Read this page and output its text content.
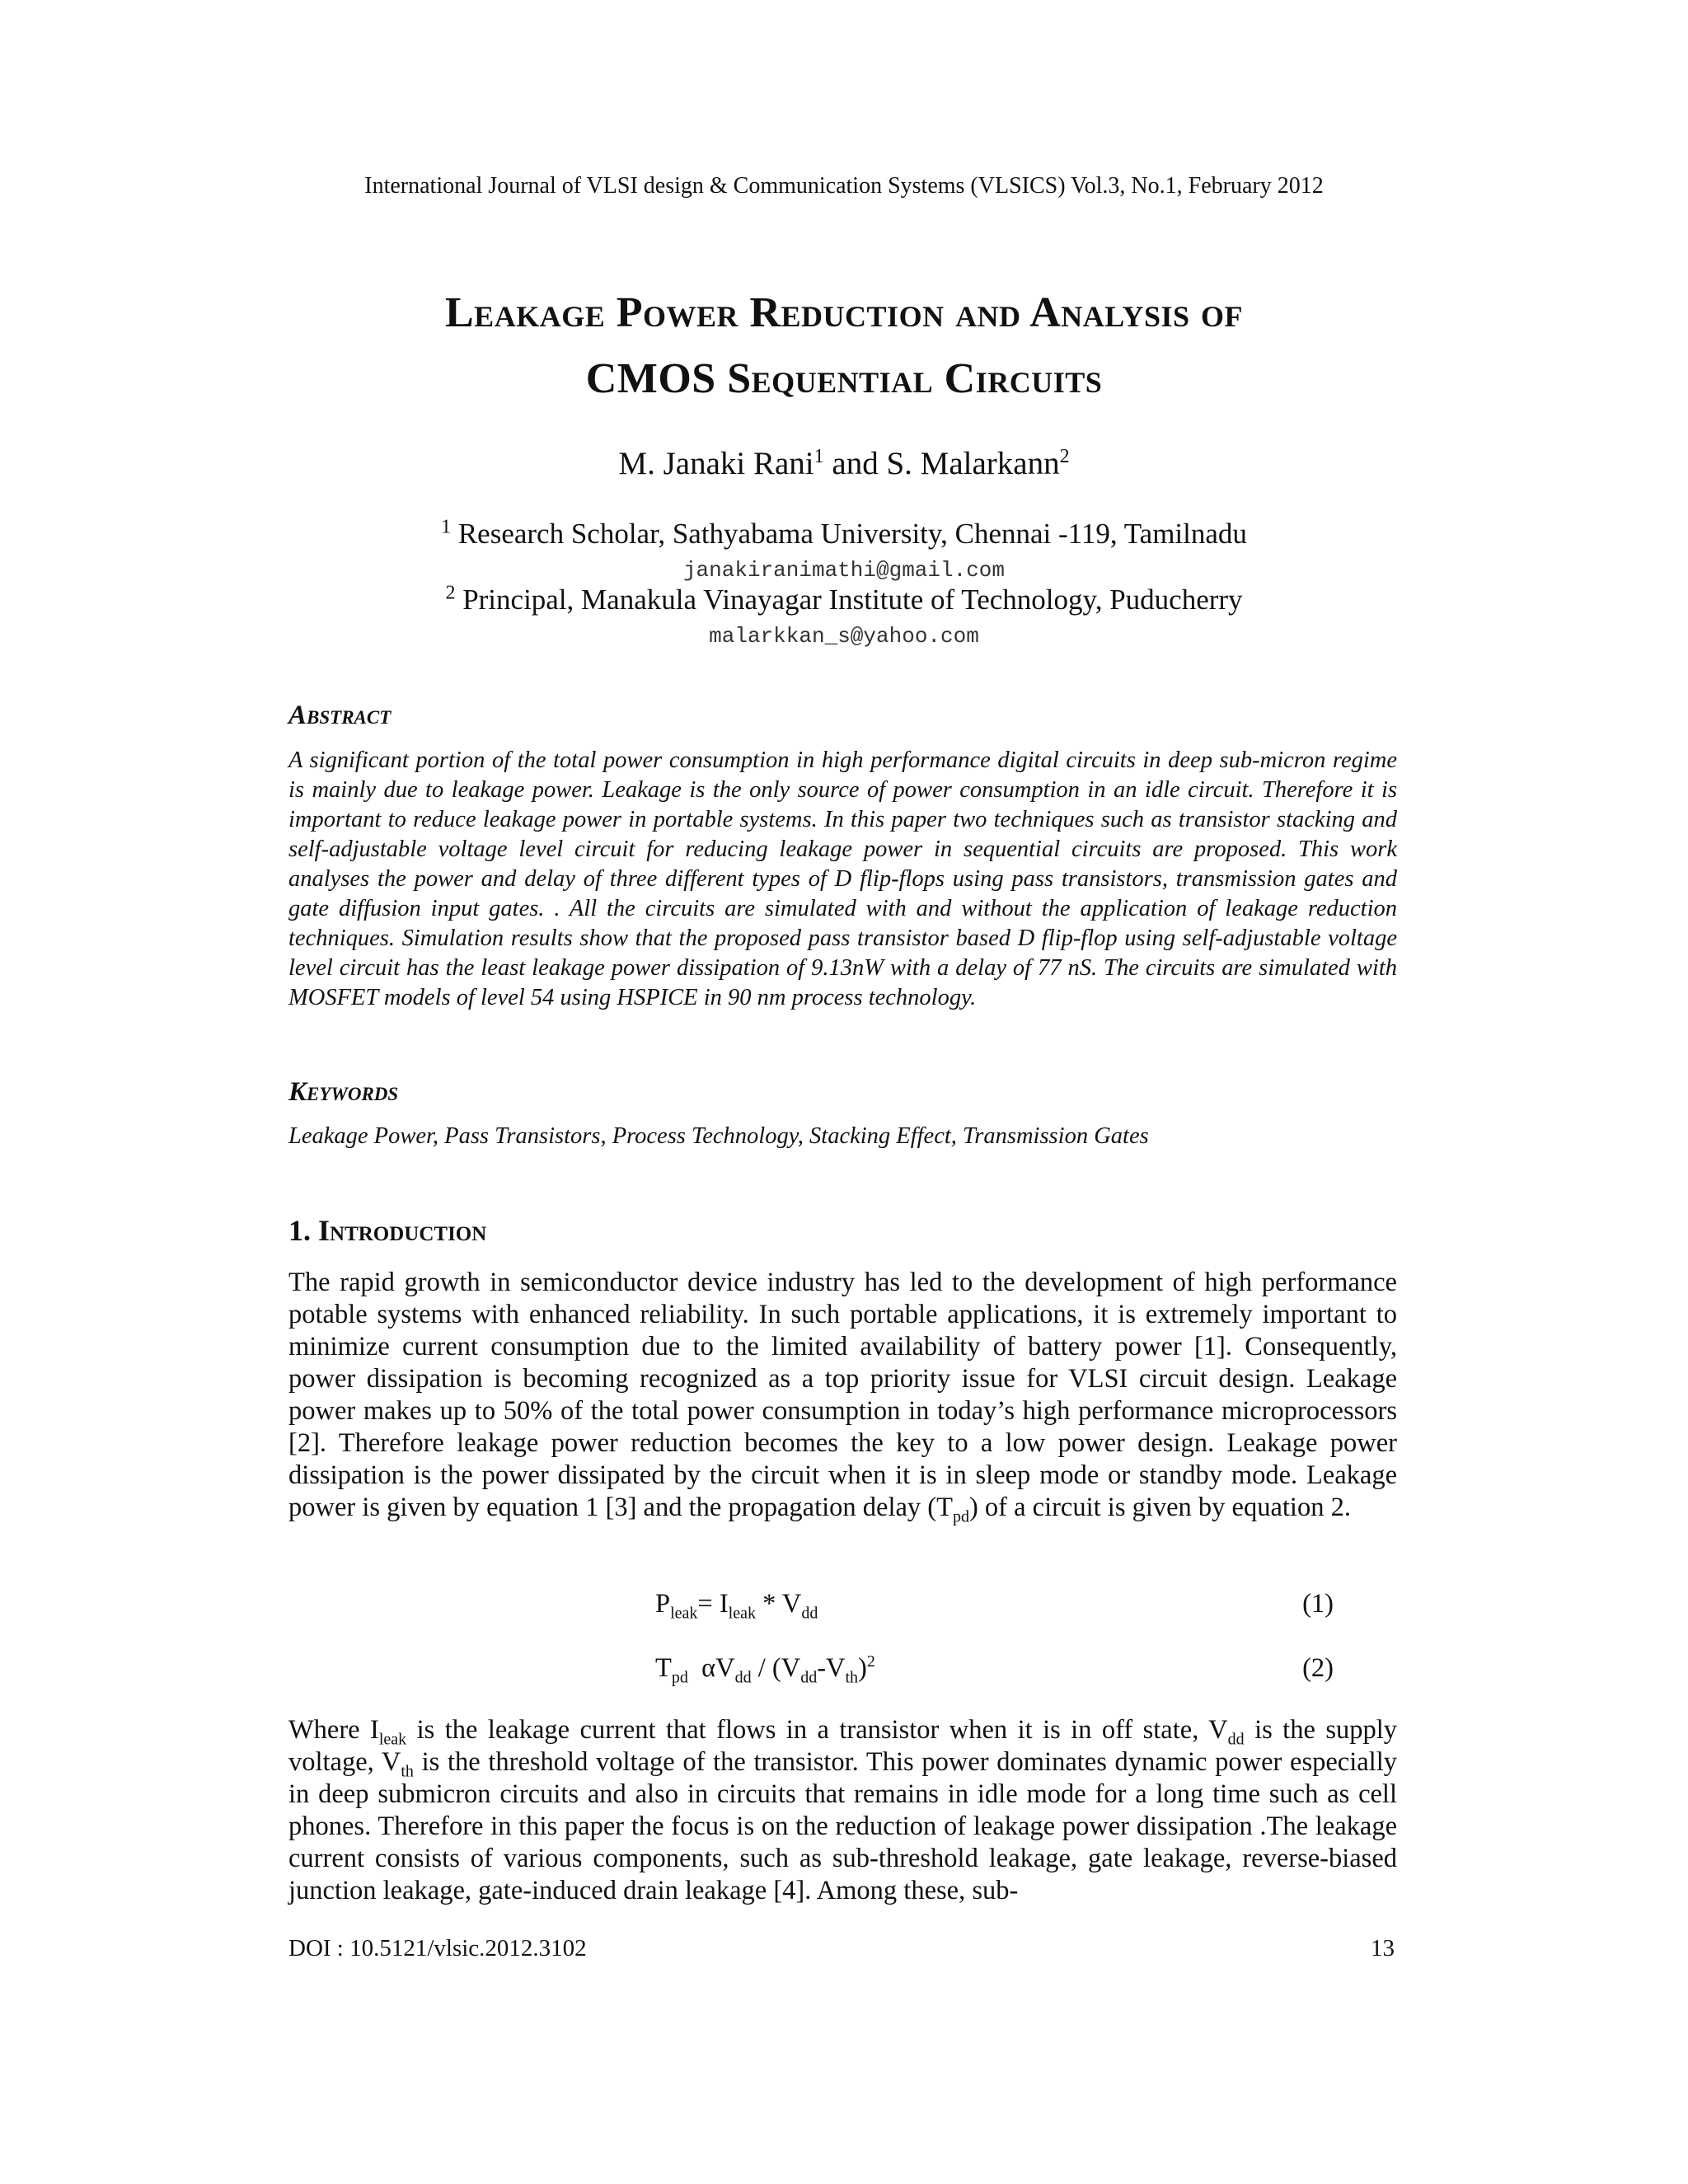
International Journal of VLSI design & Communication Systems (VLSICS) Vol.3, No.1, February 2012
Leakage Power Reduction and Analysis of
CMOS Sequential Circuits
M. Janaki Rani$^1$ and S. Malarkann$^2$
$^1$ Research Scholar, Sathyabama University, Chennai -119, Tamilnadu
janakiranimathi@gmail.com
$^2$ Principal, Manakula Vinayagar Institute of Technology, Puducherry
malarkkan_s@yahoo.com
Abstract
A significant portion of the total power consumption in high performance digital circuits in deep sub-micron regime is mainly due to leakage power. Leakage is the only source of power consumption in an idle circuit. Therefore it is important to reduce leakage power in portable systems. In this paper two techniques such as transistor stacking and self-adjustable voltage level circuit for reducing leakage power in sequential circuits are proposed. This work analyses the power and delay of three different types of D flip-flops using pass transistors, transmission gates and gate diffusion input gates. . All the circuits are simulated with and without the application of leakage reduction techniques. Simulation results show that the proposed pass transistor based D flip-flop using self-adjustable voltage level circuit has the least leakage power dissipation of 9.13nW with a delay of 77 nS. The circuits are simulated with MOSFET models of level 54 using HSPICE in 90 nm process technology.
Keywords
Leakage Power, Pass Transistors, Process Technology, Stacking Effect, Transmission Gates
1. Introduction
The rapid growth in semiconductor device industry has led to the development of high performance potable systems with enhanced reliability. In such portable applications, it is extremely important to minimize current consumption due to the limited availability of battery power [1]. Consequently, power dissipation is becoming recognized as a top priority issue for VLSI circuit design. Leakage power makes up to 50% of the total power consumption in today’s high performance microprocessors [2]. Therefore leakage power reduction becomes the key to a low power design. Leakage power dissipation is the power dissipated by the circuit when it is in sleep mode or standby mode. Leakage power is given by equation 1 [3] and the propagation delay $(T_{pd})$ of a circuit is given by equation 2.
$P_{leak}= I_{leak} * V_{dd}$	(1)
$T_{pd}$  $\alpha V_{dd} / (V_{dd}-V_{th})^2$	(2)
Where $I_{leak}$ is the leakage current that flows in a transistor when it is in off state, $V_{dd}$ is the supply voltage, $V_{th}$ is the threshold voltage of the transistor. This power dominates dynamic power especially in deep submicron circuits and also in circuits that remains in idle mode for a long time such as cell phones. Therefore in this paper the focus is on the reduction of leakage power dissipation .The leakage current consists of various components, such as sub-threshold leakage, gate leakage, reverse-biased junction leakage, gate-induced drain leakage [4]. Among these, sub-
DOI : 10.5121/vlsic.2012.3102	13
